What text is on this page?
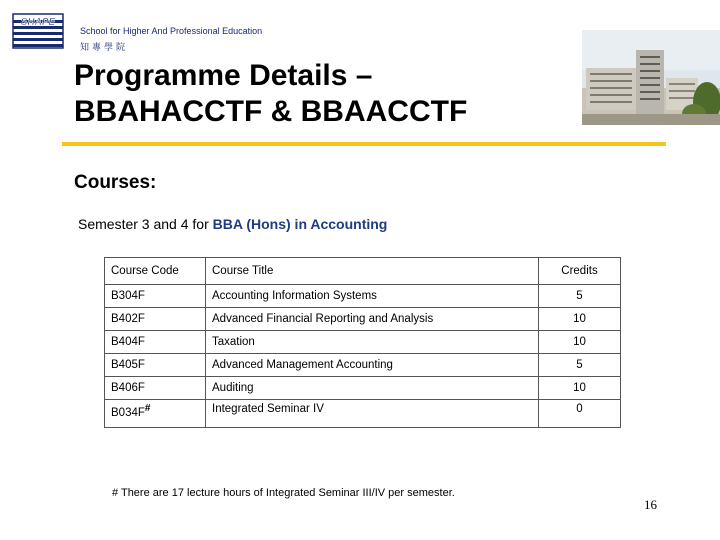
SHAPE
School for Higher And Professional Education
知專學院
Programme Details –
BBAHACCTF & BBAACCTF
Courses:
Semester 3 and 4 for BBA (Hons) in Accounting
Course Code	Course Title	Credits
B304F	Accounting Information Systems	5
B402F	Advanced Financial Reporting and Analysis	10
B404F	Taxation	10
B405F	Advanced Management Accounting	5
B406F	Auditing	10
B034F#	Integrated Seminar IV	0
# There are 17 lecture hours of Integrated Seminar III/IV per semester.
16
